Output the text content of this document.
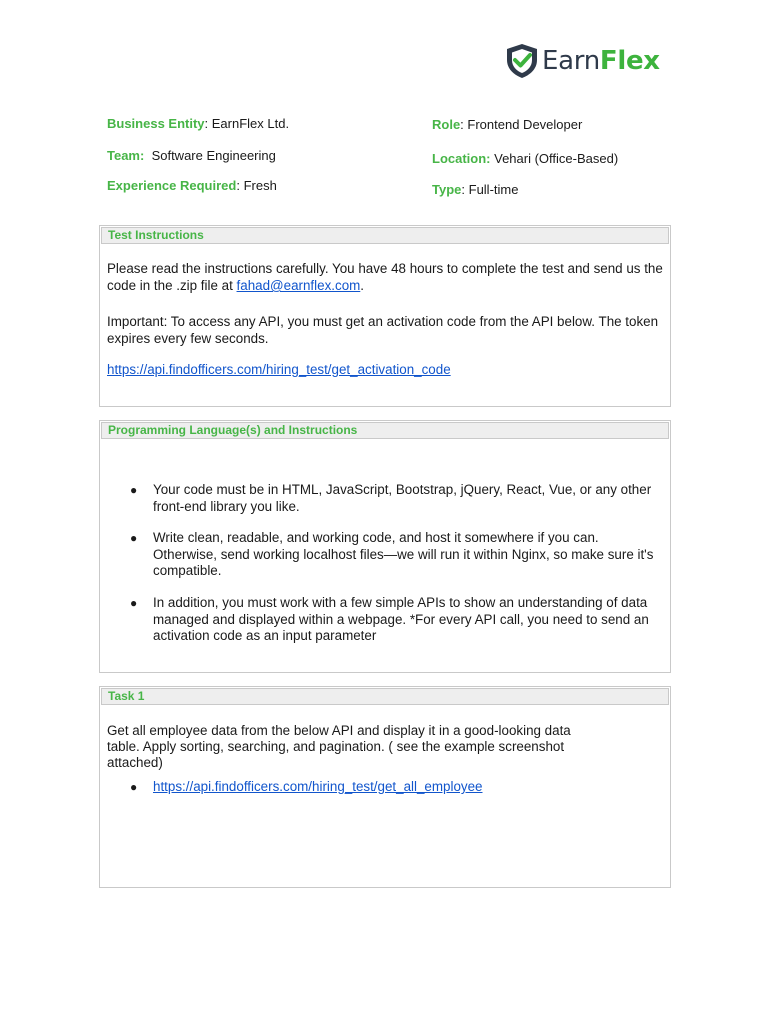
EarnFlex
Business Entity: EarnFlex Ltd.
Team: Software Engineering
Experience Required: Fresh
Role: Frontend Developer
Location: Vehari (Office-Based)
Type: Full-time
Test Instructions
Please read the instructions carefully. You have 48 hours to complete the test and send us the code in the .zip file at fahad@earnflex.com.
Important: To access any API, you must get an activation code from the API below. The token expires every few seconds.
https://api.findofficers.com/hiring_test/get_activation_code
Programming Language(s) and Instructions
● Your code must be in HTML, JavaScript, Bootstrap, jQuery, React, Vue, or any other front-end library you like.
● Write clean, readable, and working code, and host it somewhere if you can. Otherwise, send working localhost files—we will run it within Nginx, so make sure it's compatible.
● In addition, you must work with a few simple APIs to show an understanding of data managed and displayed within a webpage. *For every API call, you need to send an activation code as an input parameter
Task 1
Get all employee data from the below API and display it in a good-looking data table. Apply sorting, searching, and pagination. ( see the example screenshot attached)
● https://api.findofficers.com/hiring_test/get_all_employee
